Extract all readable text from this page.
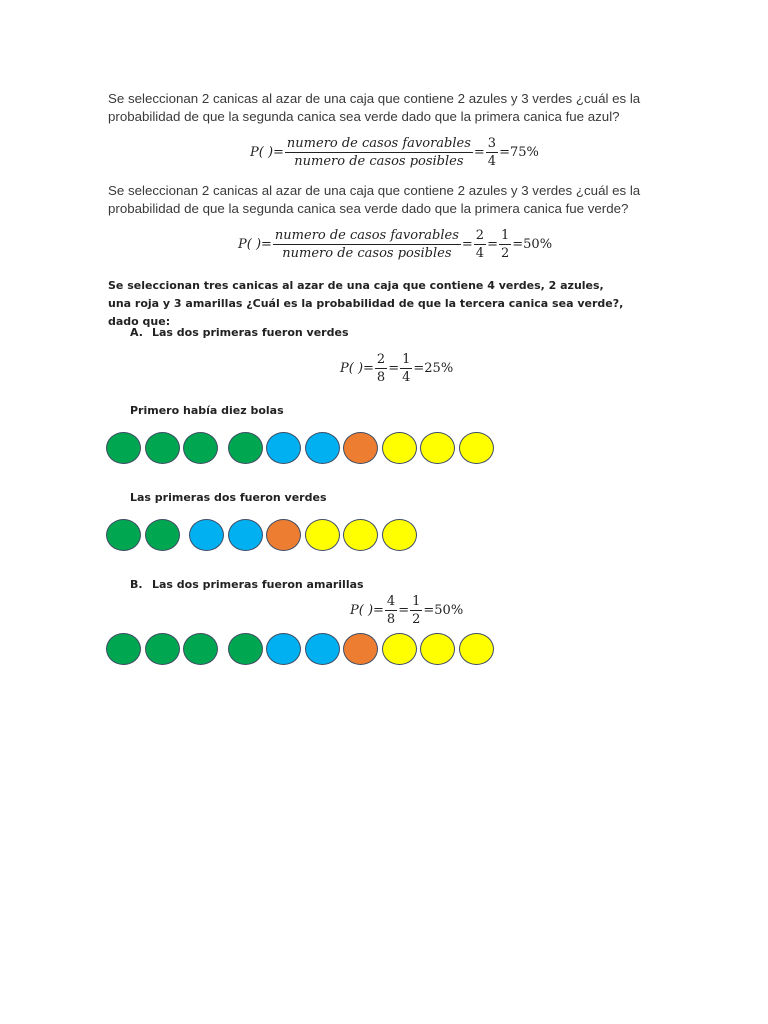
Se seleccionan 2 canicas al azar de una caja que contiene 2 azules y 3 verdes ¿cuál es la probabilidad de que la segunda canica sea verde dado que la primera canica fue azul?
P( )= $\frac{\text{numero de casos favorables}}{\text{numero de casos posibles}} = \frac{3}{4} =75\%$
Se seleccionan 2 canicas al azar de una caja que contiene 2 azules y 3 verdes ¿cuál es la probabilidad de que la segunda canica sea verde dado que la primera canica fue verde?
P( )= $\frac{\text{numero de casos favorables}}{\text{numero de casos posibles}} = \frac{2}{4} = \frac{1}{2} =50\%$
Se seleccionan tres canicas al azar de una caja que contiene 4 verdes, 2 azules, una roja y 3 amarillas ¿Cuál es la probabilidad de que la tercera canica sea verde?, dado que:
A. Las dos primeras fueron verdes
P( )= $\frac{2}{8} = \frac{1}{4} =25\%$
Primero había diez bolas
Las primeras dos fueron verdes
B. Las dos primeras fueron amarillas
P( )= $\frac{4}{8} = \frac{1}{2} =50\%$
